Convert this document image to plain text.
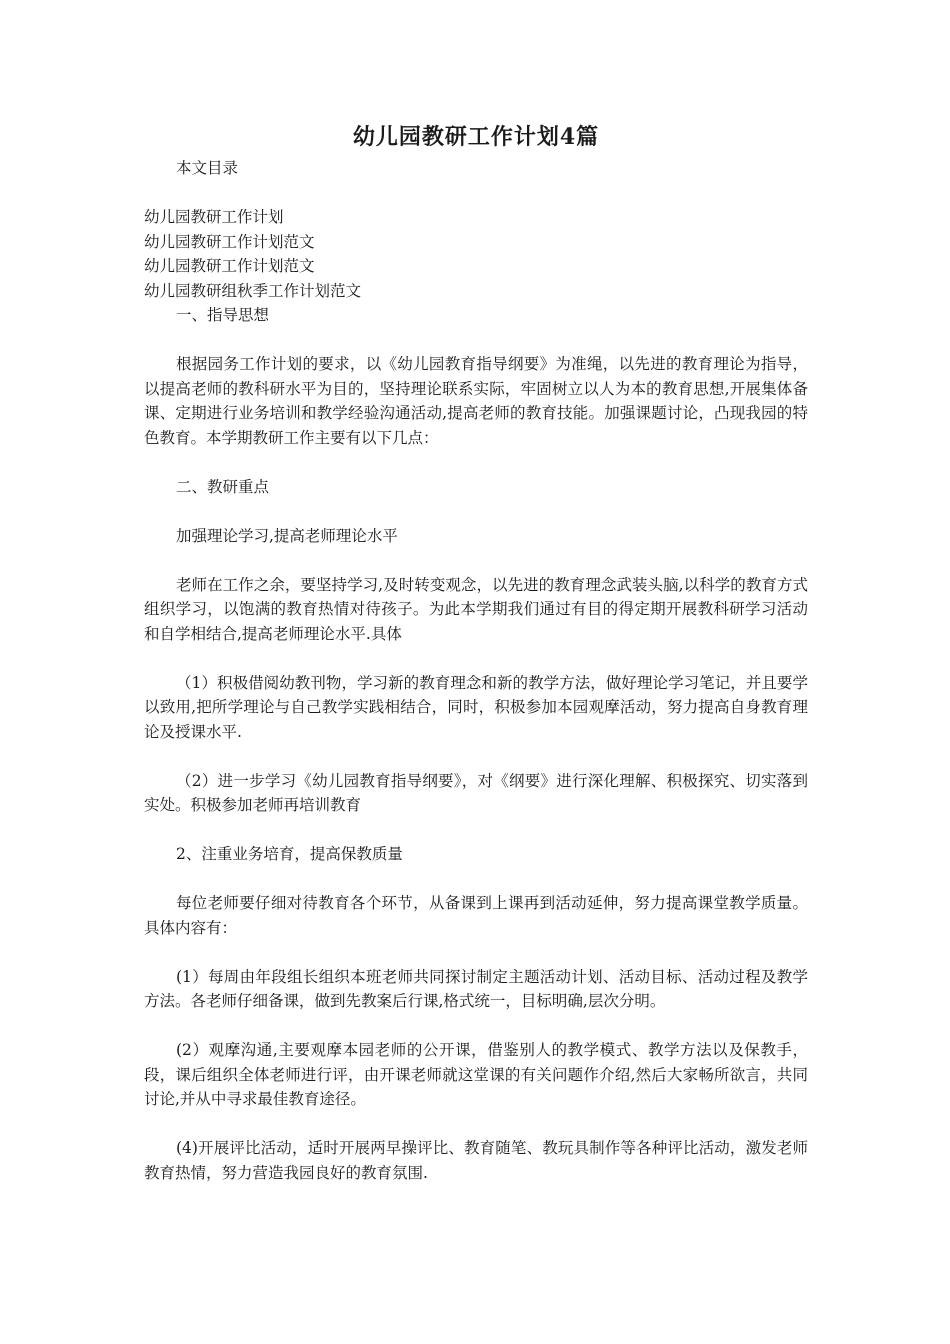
幼儿园教研工作计划4篇

本文目录

幼儿园教研工作计划
幼儿园教研工作计划范文
幼儿园教研工作计划范文
幼儿园教研组秋季工作计划范文

一、指导思想

根据园务工作计划的要求，以《幼儿园教育指导纲要》为准绳，以先进的教育理论为指导，以提高老师的教科研水平为目的，坚持理论联系实际，牢固树立以人为本的教育思想,开展集体备课、定期进行业务培训和教学经验沟通活动,提高老师的教育技能。加强课题讨论，凸现我园的特色教育。本学期教研工作主要有以下几点：

二、教研重点

加强理论学习,提高老师理论水平

老师在工作之余，要坚持学习,及时转变观念，以先进的教育理念武装头脑,以科学的教育方式组织学习，以饱满的教育热情对待孩子。为此本学期我们通过有目的得定期开展教科研学习活动和自学相结合,提高老师理论水平.具体

（1）积极借阅幼教刊物，学习新的教育理念和新的教学方法，做好理论学习笔记，并且要学以致用,把所学理论与自己教学实践相结合，同时，积极参加本园观摩活动，努力提高自身教育理论及授课水平.

（2）进一步学习《幼儿园教育指导纲要》，对《纲要》进行深化理解、积极探究、切实落到实处。积极参加老师再培训教育

2、注重业务培育，提高保教质量

每位老师要仔细对待教育各个环节，从备课到上课再到活动延伸，努力提高课堂教学质量。具体内容有：

(1）每周由年段组长组织本班老师共同探讨制定主题活动计划、活动目标、活动过程及教学方法。各老师仔细备课，做到先教案后行课,格式统一，目标明确,层次分明。

(2）观摩沟通,主要观摩本园老师的公开课，借鉴别人的教学模式、教学方法以及保教手，段，课后组织全体老师进行评，由开课老师就这堂课的有关问题作介绍,然后大家畅所欲言，共同讨论,并从中寻求最佳教育途径。

(4)开展评比活动，适时开展两早操评比、教育随笔、教玩具制作等各种评比活动，激发老师教育热情，努力营造我园良好的教育氛围.
